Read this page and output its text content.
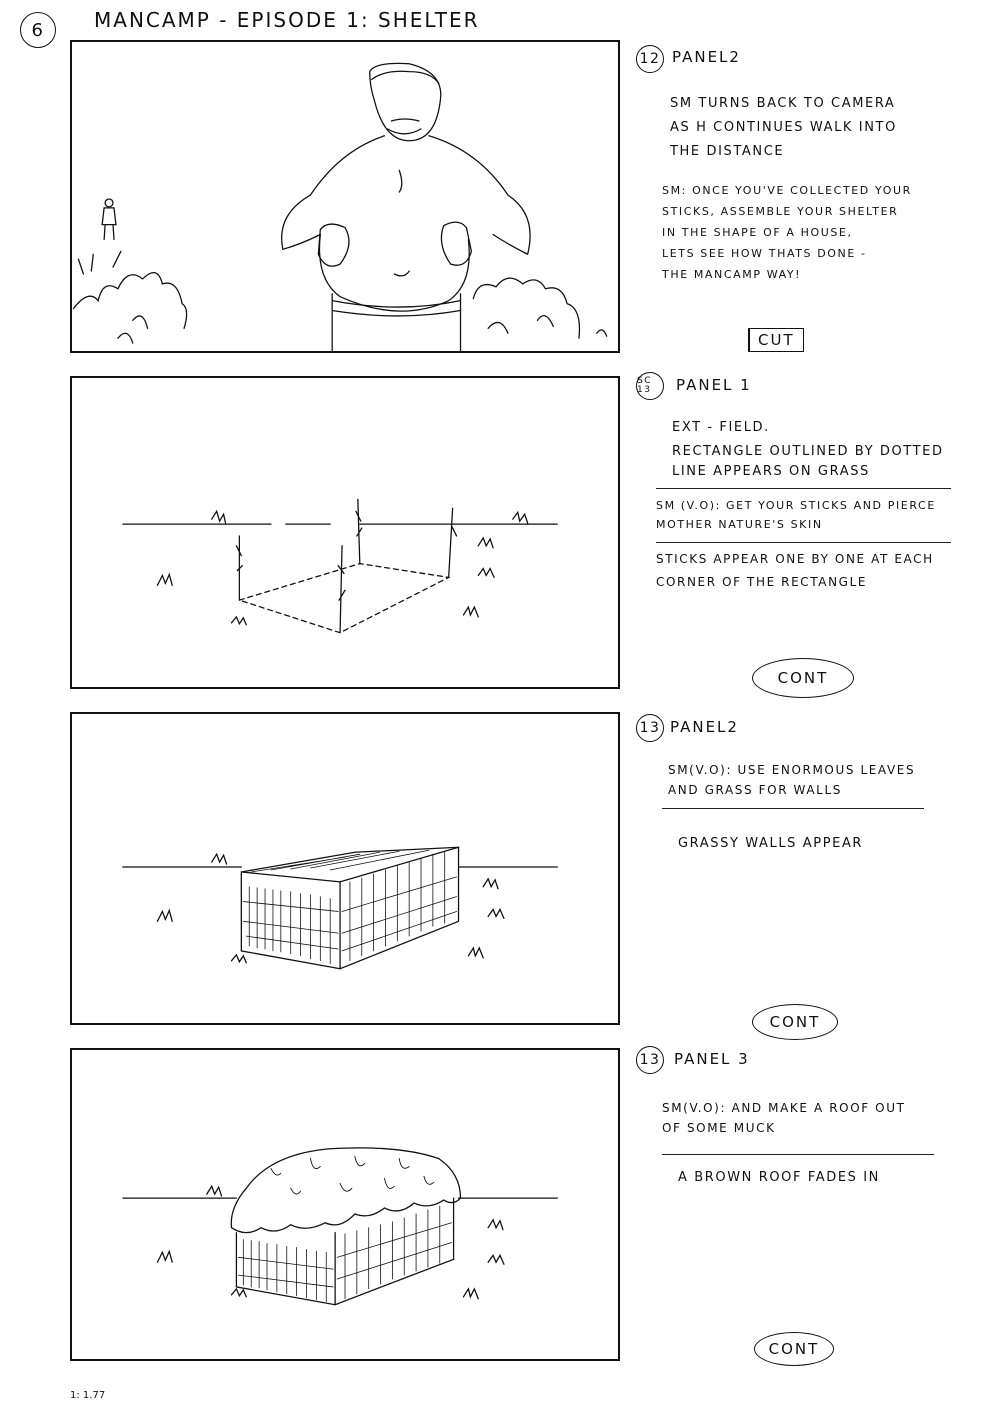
6	MANCAMP - EPISODE 1: SHELTER
12 PANEL2
SM TURNS BACK TO CAMERA
AS H CONTINUES WALK INTO
THE DISTANCE
SM: ONCE YOU'VE COLLECTED YOUR
STICKS, ASSEMBLE YOUR SHELTER
IN THE SHAPE OF A HOUSE,
LETS SEE HOW THATS DONE -
THE MANCAMP WAY!
CUT
SC 13	PANEL 1
EXT - FIELD.
RECTANGLE OUTLINED BY DOTTED
LINE APPEARS ON GRASS
SM (V.O): GET YOUR STICKS AND PIERCE
MOTHER NATURE'S SKIN
STICKS APPEAR ONE BY ONE AT EACH
CORNER OF THE RECTANGLE
CONT
13 PANEL2
SM(V.O): USE ENORMOUS LEAVES
AND GRASS FOR WALLS
GRASSY WALLS APPEAR
CONT
13 PANEL 3
SM(V.O): AND MAKE A ROOF OUT
OF SOME MUCK
A BROWN ROOF FADES IN
CONT
1: 1.77
